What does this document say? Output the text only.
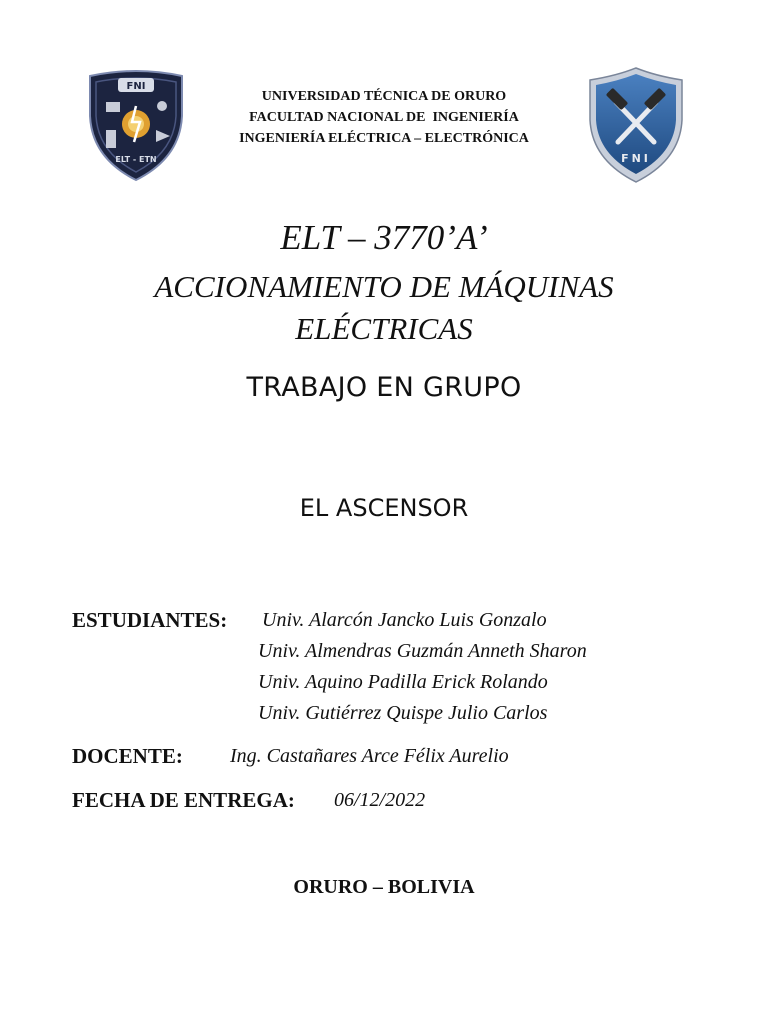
FNI
ELT - ETN
UNIVERSIDAD TÉCNICA DE ORURO
FACULTAD NACIONAL DE  INGENIERÍA
INGENIERÍA ELÉCTRICA – ELECTRÓNICA
FNI
ELT – 3770’A’
ACCIONAMIENTO DE MÁQUINAS
ELÉCTRICAS
TRABAJO EN GRUPO
EL ASCENSOR
ESTUDIANTES: Univ. Alarcón Jancko Luis Gonzalo
Univ. Almendras Guzmán Anneth Sharon
Univ. Aquino Padilla Erick Rolando
Univ. Gutiérrez Quispe Julio Carlos
DOCENTE: Ing. Castañares Arce Félix Aurelio
FECHA DE ENTREGA: 06/12/2022
ORURO – BOLIVIA
